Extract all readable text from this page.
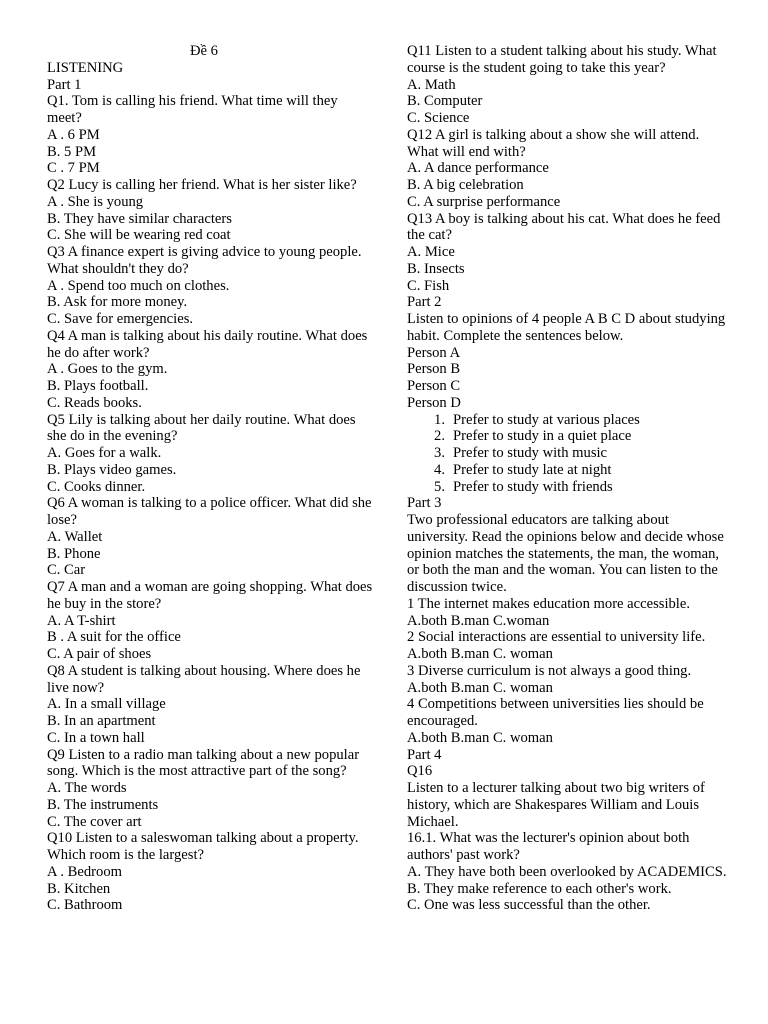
Đề 6

LISTENING

Part 1

Q1. Tom is calling his friend. What time will they meet?

A . 6 PM

B. 5 PM

C . 7 PM

Q2 Lucy is calling her friend. What is her sister like?

A . She is young

B. They have similar characters

C. She will be wearing red coat

Q3 A finance expert is giving advice to young people. What shouldn't they do?

A . Spend too much on clothes.

B. Ask for more money.

C. Save for emergencies.

Q4 A man is talking about his daily routine. What does he do after work?

A . Goes to the gym.

B. Plays football.

C. Reads books.

Q5 Lily is talking about her daily routine. What does she do in the evening?

A. Goes for a walk.

B. Plays video games.

C. Cooks dinner.

Q6 A woman is talking to a police officer. What did she lose?

A. Wallet

B. Phone

C. Car

Q7 A man and a woman are going shopping. What does he buy in the store?

A. A T-shirt

B . A suit for the office

C. A pair of shoes

Q8 A student is talking about housing. Where does he live now?

A. In a small village

B. In an apartment

C. In a town hall

Q9 Listen to a radio man talking about a new popular song. Which is the most attractive part of the song?

A. The words

B. The instruments

C. The cover art

Q10 Listen to a saleswoman talking about a property. Which room is the largest?

A . Bedroom

B. Kitchen

C. Bathroom

Q11 Listen to a student talking about his study. What course is the student going to take this year?

A. Math

B. Computer

C. Science

Q12 A girl is talking about a show she will attend. What will end with?

A. A dance performance

B. A big celebration

C. A surprise performance

Q13 A boy is talking about his cat. What does he feed the cat?

A. Mice

B. Insects

C. Fish

Part 2

Listen to opinions of 4 people A B C D about studying habit. Complete the sentences below.

Person A

Person B

Person C

Person D

1. Prefer to study at various places
2. Prefer to study in a quiet place
3. Prefer to study with music
4. Prefer to study late at night
5. Prefer to study with friends

Part 3

Two professional educators are talking about university. Read the opinions below and decide whose opinion matches the statements, the man, the woman, or both the man and the woman. You can listen to the discussion twice.

1 The internet makes education more accessible.

A.both B.man C.woman

2 Social interactions are essential to university life.

A.both B.man C. woman

3 Diverse curriculum is not always a good thing.

A.both B.man C. woman

4 Competitions between universities lies should be encouraged.

A.both B.man C. woman

Part 4

Q16

Listen to a lecturer talking about two big writers of history, which are Shakespares William and Louis Michael.

16.1. What was the lecturer's opinion about both authors' past work?

A. They have both been overlooked by ACADEMICS.

B. They make reference to each other's work.

C. One was less successful than the other.
